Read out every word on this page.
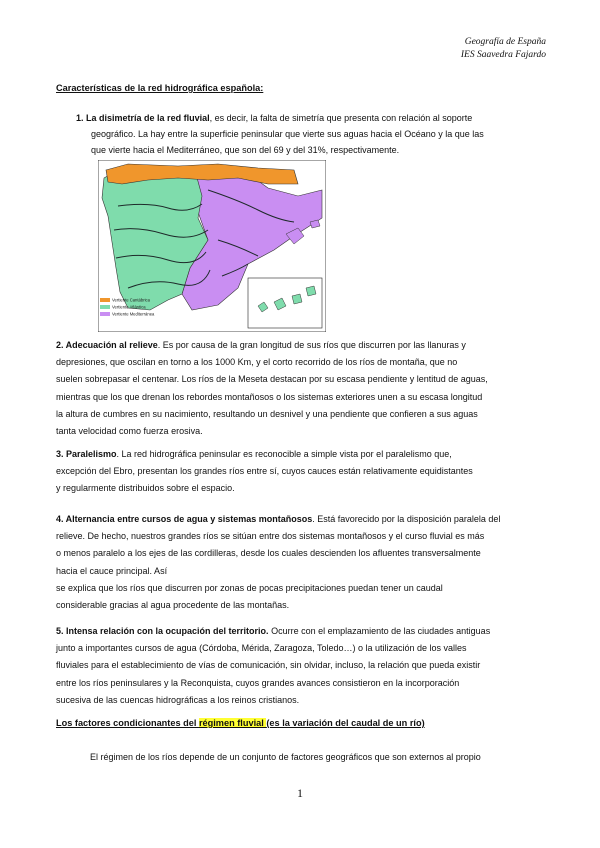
Geografía de España
IES Saavedra Fajardo
Características de la red hidrográfica española:
1. La disimetría de la red fluvial, es decir, la falta de simetría que presenta con relación al soporte
geográfico. La hay entre la superficie peninsular que vierte sus aguas hacia el Océano y la que las
que vierte hacia el Mediterráneo, que son del 69 y del 31%, respectivamente.
Vertiente Cantábrica
Vertiente Atlántica
Vertiente Mediterránea
2. Adecuación al relieve. Es por causa de la gran longitud de sus ríos que discurren por las llanuras y
depresiones, que oscilan en torno a los 1000 Km, y el corto recorrido de los ríos de montaña, que no
suelen sobrepasar el centenar. Los ríos de la Meseta destacan por su escasa pendiente y lentitud de aguas,
mientras que los que drenan los rebordes montañosos o los sistemas exteriores unen a su escasa longitud
la altura de cumbres en su nacimiento, resultando un desnivel y una pendiente que confieren a sus aguas
tanta velocidad como fuerza erosiva.
3. Paralelismo. La red hidrográfica peninsular es reconocible a simple vista por el paralelismo que,
excepción del Ebro, presentan los grandes ríos entre sí, cuyos cauces están relativamente equidistantes
y regularmente distribuidos sobre el espacio.
4. Alternancia entre cursos de agua y sistemas montañosos. Está favorecido por la disposición paralela del
relieve. De hecho, nuestros grandes ríos se sitúan entre dos sistemas montañosos y el curso fluvial es más
o menos paralelo a los ejes de las cordilleras, desde los cuales descienden los afluentes transversalmente
hacia el cauce principal. Así
se explica que los ríos que discurren por zonas de pocas precipitaciones puedan tener un caudal
considerable gracias al agua procedente de las montañas.
5. Intensa relación con la ocupación del territorio. Ocurre con el emplazamiento de las ciudades antiguas
junto a importantes cursos de agua (Córdoba, Mérida, Zaragoza, Toledo…) o la utilización de los valles
fluviales para el establecimiento de vías de comunicación, sin olvidar, incluso, la relación que pueda existir
entre los ríos peninsulares y la Reconquista, cuyos grandes avances consistieron en la incorporación
sucesiva de las cuencas hidrográficas a los reinos cristianos.
Los factores condicionantes del régimen fluvial (es la variación del caudal de un río)
El régimen de los ríos depende de un conjunto de factores geográficos que son externos al propio
1
